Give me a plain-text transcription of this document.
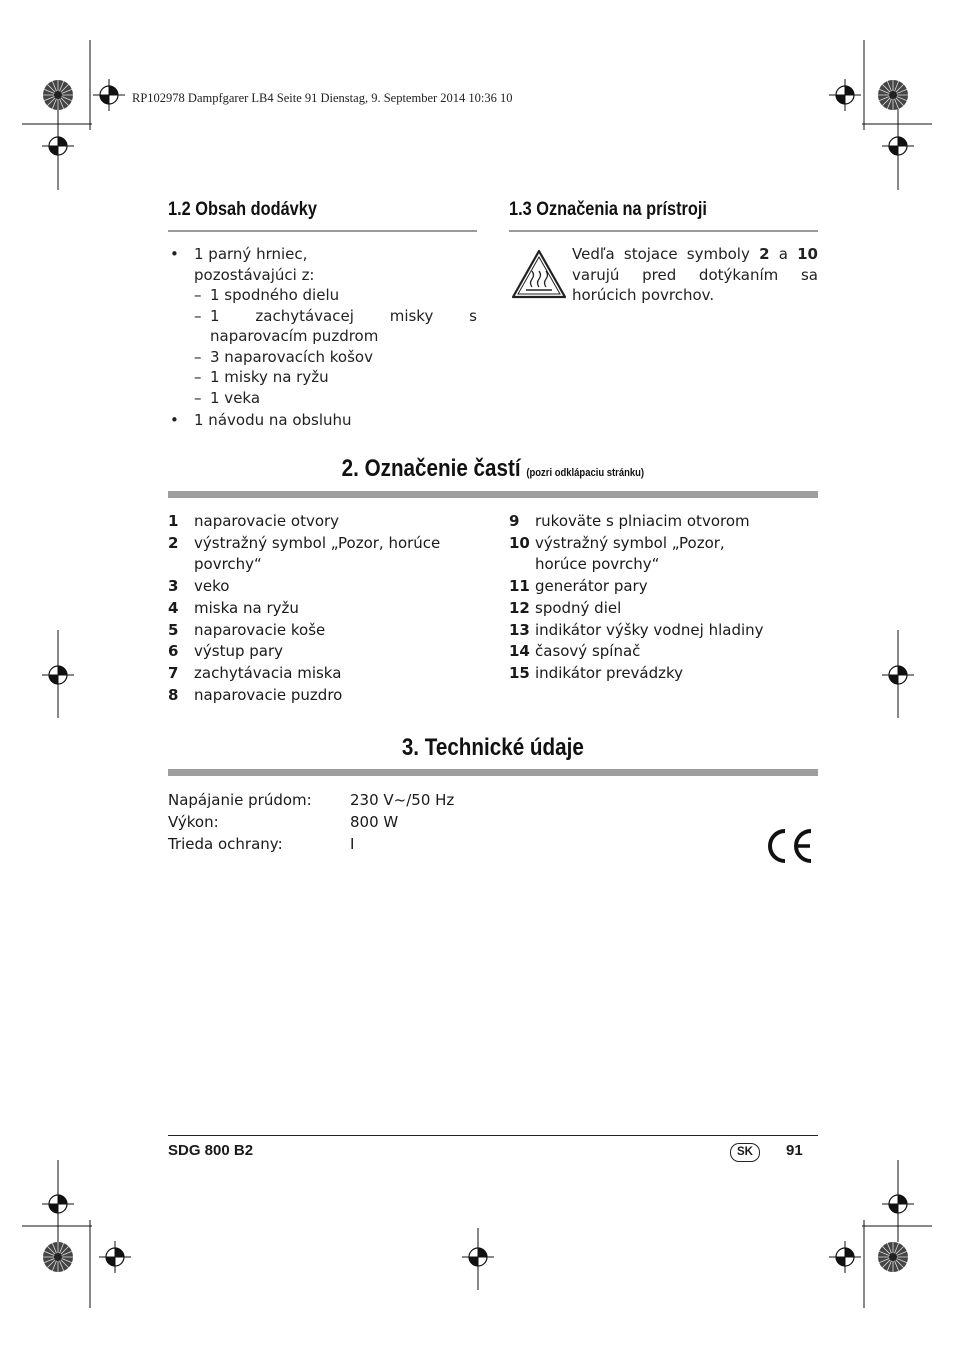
RP102978 Dampfgarer LB4 Seite 91 Dienstag, 9. September 2014 10:36 10
1.2 Obsah dodávky
• 1 parný hrniec,
pozostávajúci z:
– 1 spodného dielu
– 1 zachytávacej misky s naparovacím puzdrom
– 3 naparovacích košov
– 1 misky na ryžu
– 1 veka
• 1 návodu na obsluhu
1.3 Označenia na prístroji
Vedľa stojace symboly 2 a 10 varujú pred dotýkaním sa horúcich povrchov.
2. Označenie častí (pozri odklápaciu stránku)
1	naparovacie otvory
2	výstražný symbol „Pozor, horúce povrchy“
3	veko
4	miska na ryžu
5	naparovacie koše
6	výstup pary
7	zachytávacia miska
8	naparovacie puzdro
9	rukoväte s plniacim otvorom
10 výstražný symbol „Pozor, horúce povrchy“
11 generátor pary
12 spodný diel
13 indikátor výšky vodnej hladiny
14 časový spínač
15 indikátor prevádzky
3. Technické údaje
Napájanie prúdom:	230 V~/50 Hz
Výkon:	800 W
Trieda ochrany:	I
SDG 800 B2	SK	91
